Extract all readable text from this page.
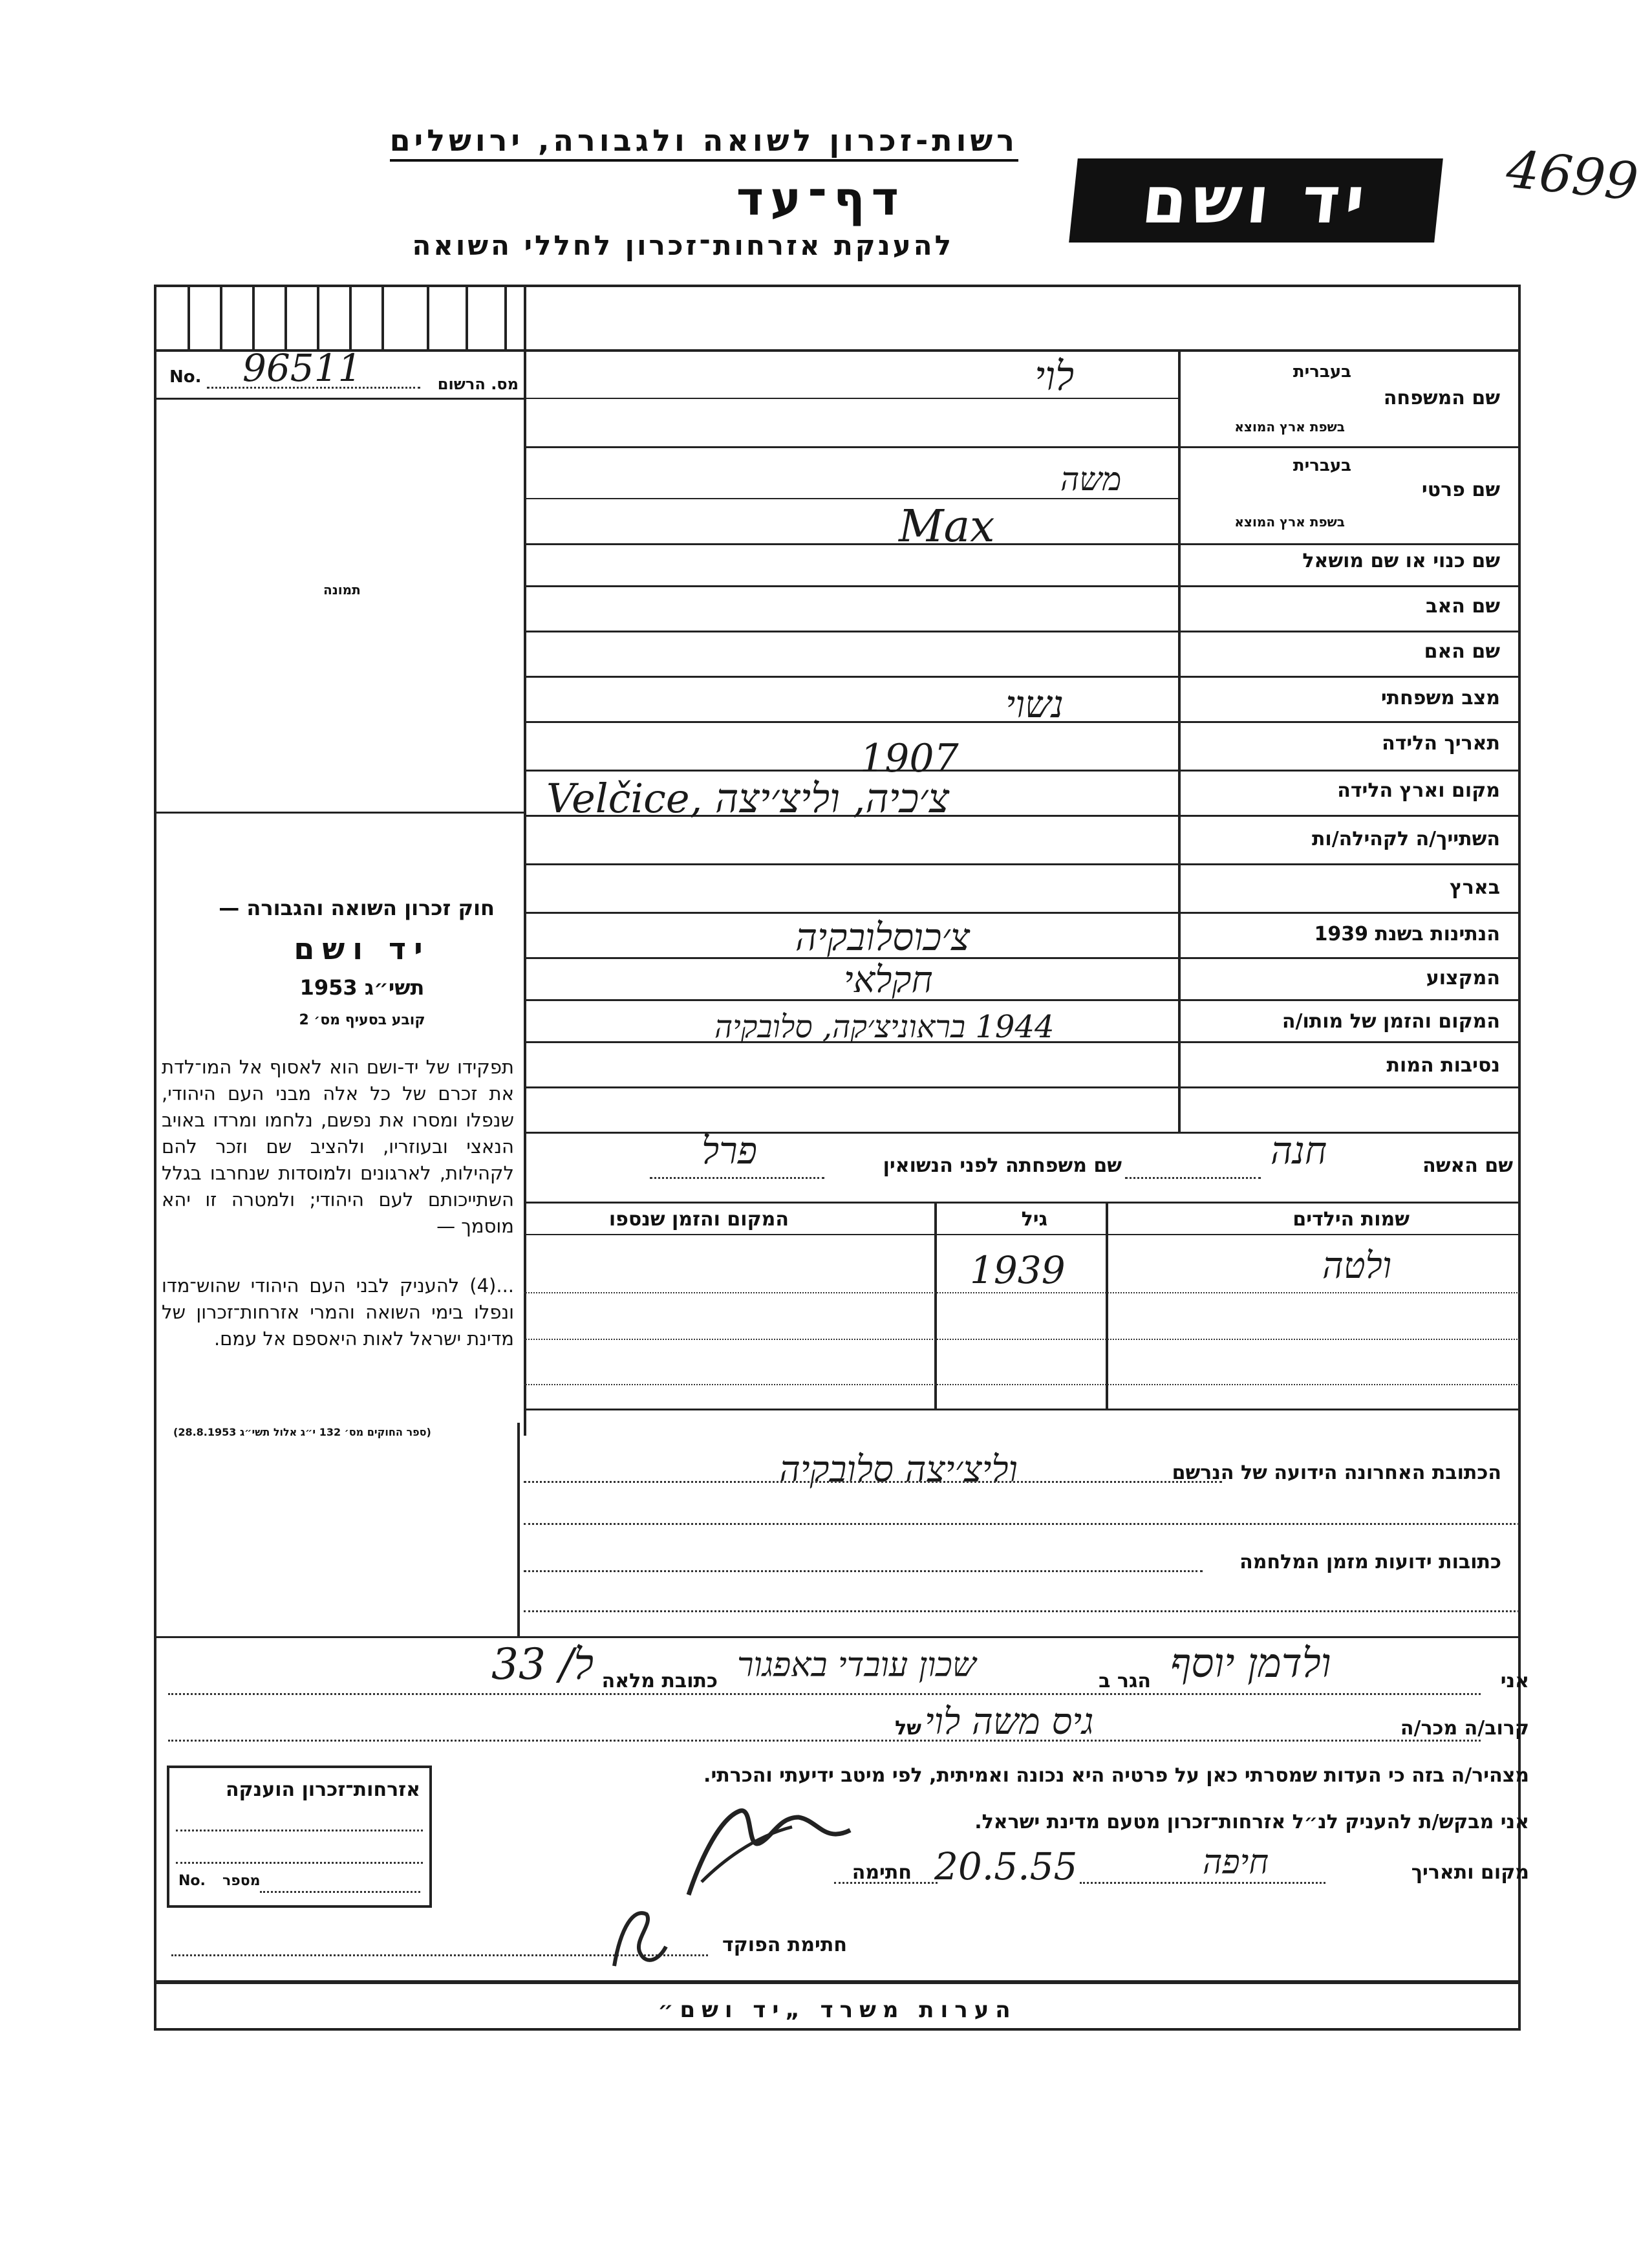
רשות-זכרון לשואה ולגבורה, ירושלים
דף־עד
להענקת אזרחות־זכרון לחללי השואה
יד ושם	4699
No. 96511	מס. הרשום
תמונה
חוק זכרון השואה והגבורה —
יד ושם
תשי״ג 1953
קובע בסעיף מס׳ 2
תפקידו של יד-ושם הוא לאסוף אל המו־לדת את זכרם של כל אלה מבני העם היהודי, שנפלו ומסרו את נפשם, נלחמו ומרדו באויב הנאצי ובעוזריו, ולהציב שם וזכר להם לקהילות, לארגונים ולמוסדות שנחרבו בגלל השתייכותם לעם היהודי; ולמטרה זו יהא מוסמך —
...(4) להעניק לבני העם היהודי שהוש־מדו ונפלו בימי השואה והמרי אזרחות־זכרון של מדינת ישראל לאות היאספם אל עמם.
(ספר החוקים מס׳ 132 י״ג אלול תשי״ג 28.8.1953)
שם המשפחה
בעברית
בשפת ארץ המוצא
לוי
שם פרטי
בעברית
בשפת ארץ המוצא
משה
Max
שם כנוי או שם מושאל
שם האב
שם האם
מצב משפחתי
נשוי
תאריך הלידה
1907
מקום וארץ הלידה
Velčice, צ׳כיה, וליצ׳יצה
השתייך/ה לקהילה/ות
בארץ
הנתינות בשנת 1939
צ׳כוסלובקיה
המקצוע
חקלאי
המקום והזמן של מותו/ה
1944 בראוניצ׳קה, סלובקיה
נסיבות המות
שם האשה
חנה
שם משפחתה לפני הנשואין
פרל
שמות הילדים
גיל
המקום והזמן שנספו
ולטה
1939
הכתובת האחרונה הידועה של הנרשם
וליצ׳יצה סלובקיה
כתובות ידועות מזמן המלחמה
אני
ולדמן יוסף
הגר ב
שכון עובדי באפגור
כתובת מלאה
ל/ 33
קרוב/ה מכר/ה
של גיס משה לוי
מצהיר/ה בזה כי העדות שמסרתי כאן על פרטיה היא נכונה ואמיתית, לפי מיטב ידיעתי והכרתי.
אני מבקש/ת להעניק לנ״ל אזרחות־זכרון מטעם מדינת ישראל.
מקום ותאריך
חיפה
20.5.55
חתימה
חתימת הפוקד
אזרחות־זכרון הוענקה
No. מספר
הערות משרד „יד ושם״
